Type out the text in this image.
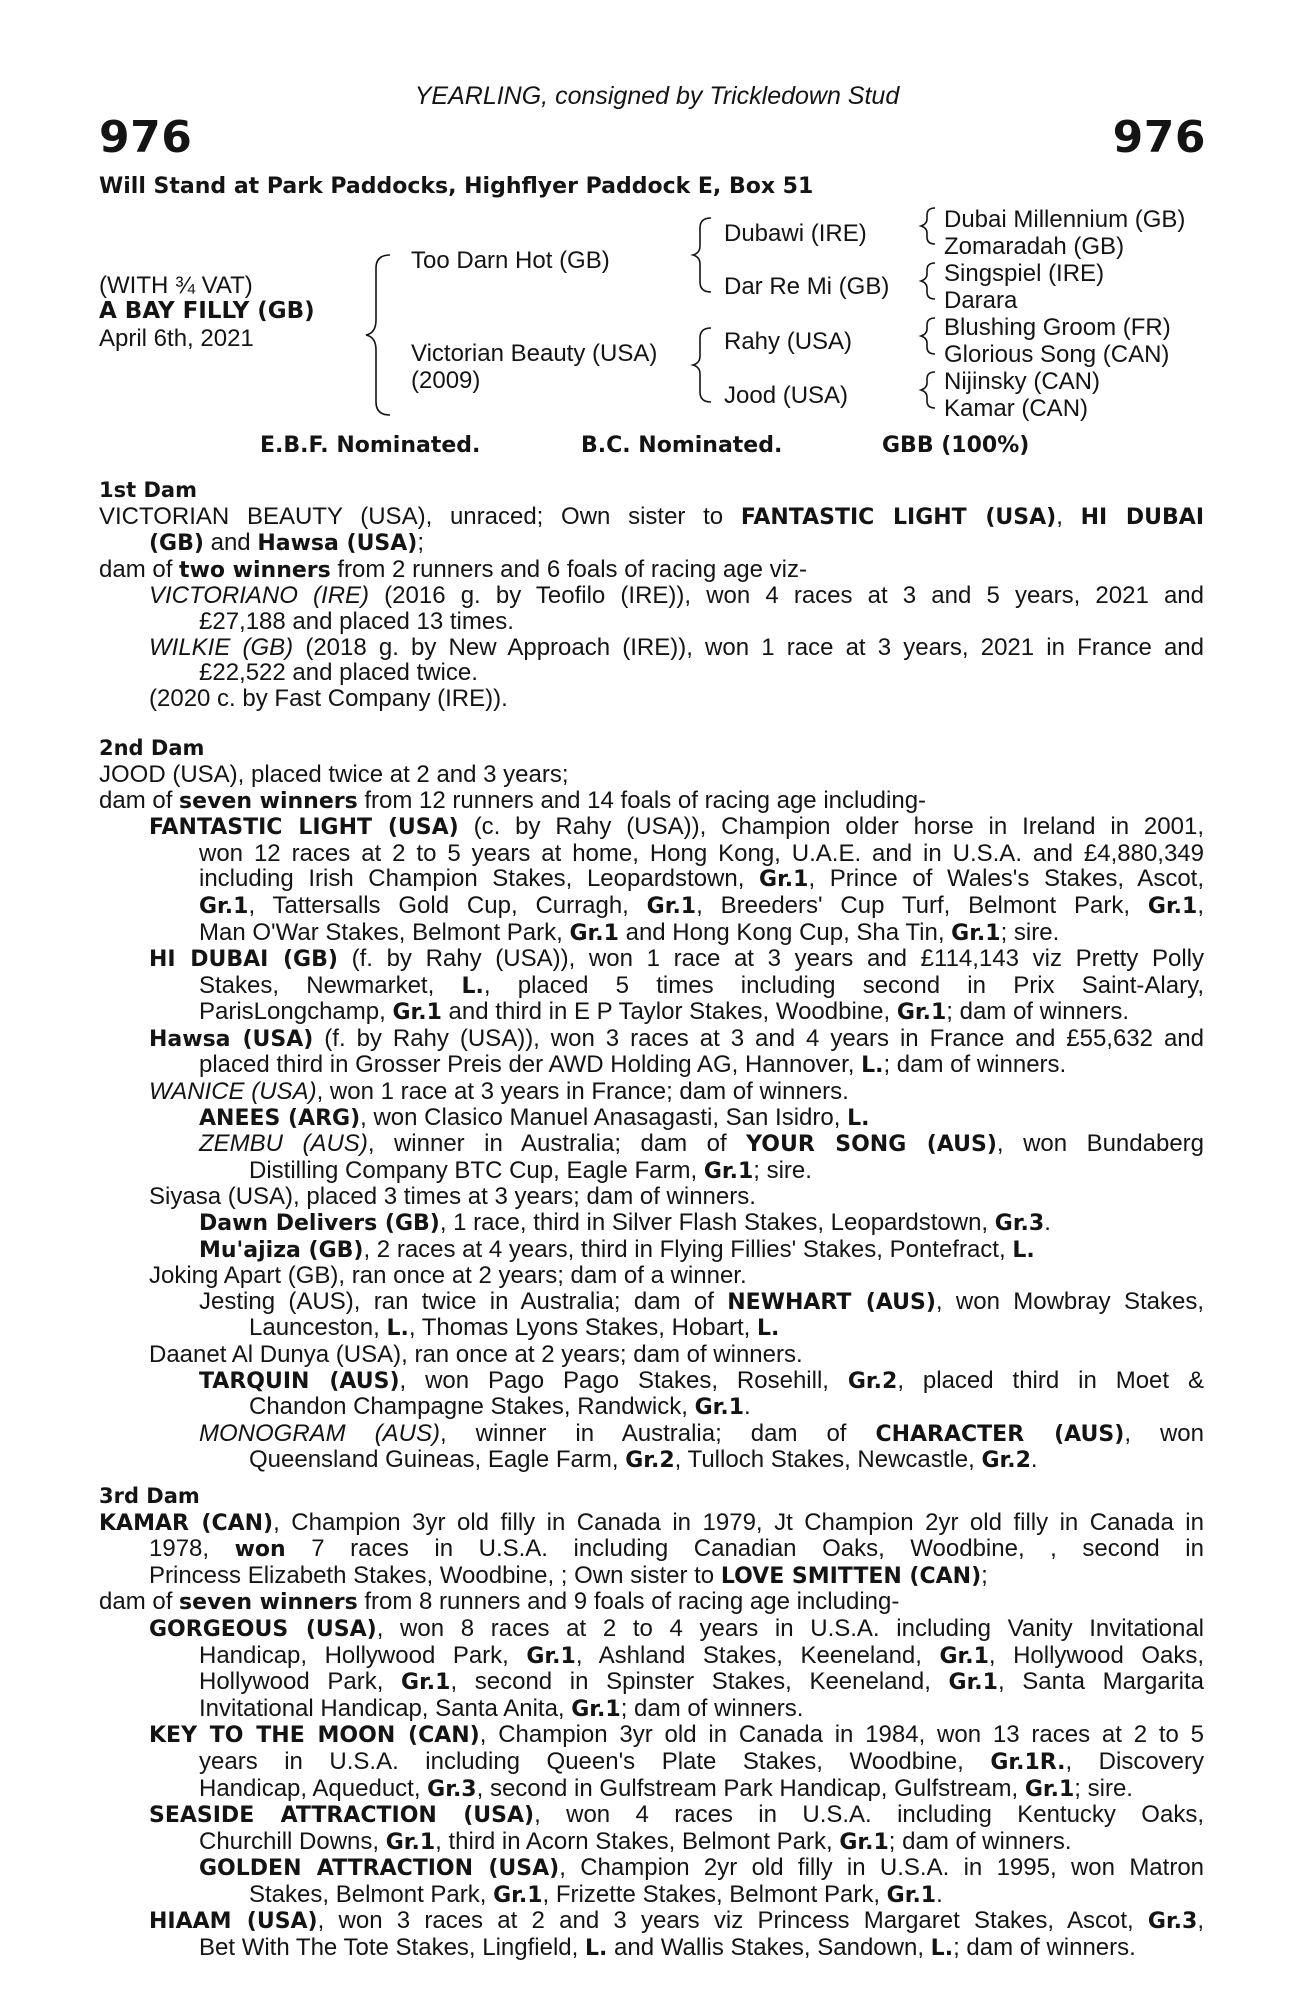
YEARLING, consigned by Trickledown Stud
976	976
Will Stand at Park Paddocks, Highflyer Paddock E, Box 51
(WITH ¾ VAT)
A BAY FILLY (GB)
April 6th, 2021
Too Darn Hot (GB)
Victorian Beauty (USA)
(2009)
Dubawi (IRE)
Dar Re Mi (GB)
Rahy (USA)
Jood (USA)
Dubai Millennium (GB)
Zomaradah (GB)
Singspiel (IRE)
Darara
Blushing Groom (FR)
Glorious Song (CAN)
Nijinsky (CAN)
Kamar (CAN)
E.B.F. Nominated.	B.C. Nominated.	GBB (100%)
1st Dam
VICTORIAN BEAUTY (USA), unraced; Own sister to FANTASTIC LIGHT (USA), HI DUBAI
(GB) and Hawsa (USA);
dam of two winners from 2 runners and 6 foals of racing age viz-
VICTORIANO (IRE) (2016 g. by Teofilo (IRE)), won 4 races at 3 and 5 years, 2021 and
£27,188 and placed 13 times.
WILKIE (GB) (2018 g. by New Approach (IRE)), won 1 race at 3 years, 2021 in France and
£22,522 and placed twice.
(2020 c. by Fast Company (IRE)).
2nd Dam
JOOD (USA), placed twice at 2 and 3 years;
dam of seven winners from 12 runners and 14 foals of racing age including-
FANTASTIC LIGHT (USA) (c. by Rahy (USA)), Champion older horse in Ireland in 2001,
won 12 races at 2 to 5 years at home, Hong Kong, U.A.E. and in U.S.A. and £4,880,349
including Irish Champion Stakes, Leopardstown, Gr.1, Prince of Wales's Stakes, Ascot,
Gr.1, Tattersalls Gold Cup, Curragh, Gr.1, Breeders' Cup Turf, Belmont Park, Gr.1,
Man O'War Stakes, Belmont Park, Gr.1 and Hong Kong Cup, Sha Tin, Gr.1; sire.
HI DUBAI (GB) (f. by Rahy (USA)), won 1 race at 3 years and £114,143 viz Pretty Polly
Stakes, Newmarket, L., placed 5 times including second in Prix Saint-Alary,
ParisLongchamp, Gr.1 and third in E P Taylor Stakes, Woodbine, Gr.1; dam of winners.
Hawsa (USA) (f. by Rahy (USA)), won 3 races at 3 and 4 years in France and £55,632 and
placed third in Grosser Preis der AWD Holding AG, Hannover, L.; dam of winners.
WANICE (USA), won 1 race at 3 years in France; dam of winners.
ANEES (ARG), won Clasico Manuel Anasagasti, San Isidro, L.
ZEMBU (AUS), winner in Australia; dam of YOUR SONG (AUS), won Bundaberg
Distilling Company BTC Cup, Eagle Farm, Gr.1; sire.
Siyasa (USA), placed 3 times at 3 years; dam of winners.
Dawn Delivers (GB), 1 race, third in Silver Flash Stakes, Leopardstown, Gr.3.
Mu'ajiza (GB), 2 races at 4 years, third in Flying Fillies' Stakes, Pontefract, L.
Joking Apart (GB), ran once at 2 years; dam of a winner.
Jesting (AUS), ran twice in Australia; dam of NEWHART (AUS), won Mowbray Stakes,
Launceston, L., Thomas Lyons Stakes, Hobart, L.
Daanet Al Dunya (USA), ran once at 2 years; dam of winners.
TARQUIN (AUS), won Pago Pago Stakes, Rosehill, Gr.2, placed third in Moet &
Chandon Champagne Stakes, Randwick, Gr.1.
MONOGRAM (AUS), winner in Australia; dam of CHARACTER (AUS), won
Queensland Guineas, Eagle Farm, Gr.2, Tulloch Stakes, Newcastle, Gr.2.
3rd Dam
KAMAR (CAN), Champion 3yr old filly in Canada in 1979, Jt Champion 2yr old filly in Canada in
1978, won 7 races in U.S.A. including Canadian Oaks, Woodbine, , second in
Princess Elizabeth Stakes, Woodbine, ; Own sister to LOVE SMITTEN (CAN);
dam of seven winners from 8 runners and 9 foals of racing age including-
GORGEOUS (USA), won 8 races at 2 to 4 years in U.S.A. including Vanity Invitational
Handicap, Hollywood Park, Gr.1, Ashland Stakes, Keeneland, Gr.1, Hollywood Oaks,
Hollywood Park, Gr.1, second in Spinster Stakes, Keeneland, Gr.1, Santa Margarita
Invitational Handicap, Santa Anita, Gr.1; dam of winners.
KEY TO THE MOON (CAN), Champion 3yr old in Canada in 1984, won 13 races at 2 to 5
years in U.S.A. including Queen's Plate Stakes, Woodbine, Gr.1R., Discovery
Handicap, Aqueduct, Gr.3, second in Gulfstream Park Handicap, Gulfstream, Gr.1; sire.
SEASIDE ATTRACTION (USA), won 4 races in U.S.A. including Kentucky Oaks,
Churchill Downs, Gr.1, third in Acorn Stakes, Belmont Park, Gr.1; dam of winners.
GOLDEN ATTRACTION (USA), Champion 2yr old filly in U.S.A. in 1995, won Matron
Stakes, Belmont Park, Gr.1, Frizette Stakes, Belmont Park, Gr.1.
HIAAM (USA), won 3 races at 2 and 3 years viz Princess Margaret Stakes, Ascot, Gr.3,
Bet With The Tote Stakes, Lingfield, L. and Wallis Stakes, Sandown, L.; dam of winners.
